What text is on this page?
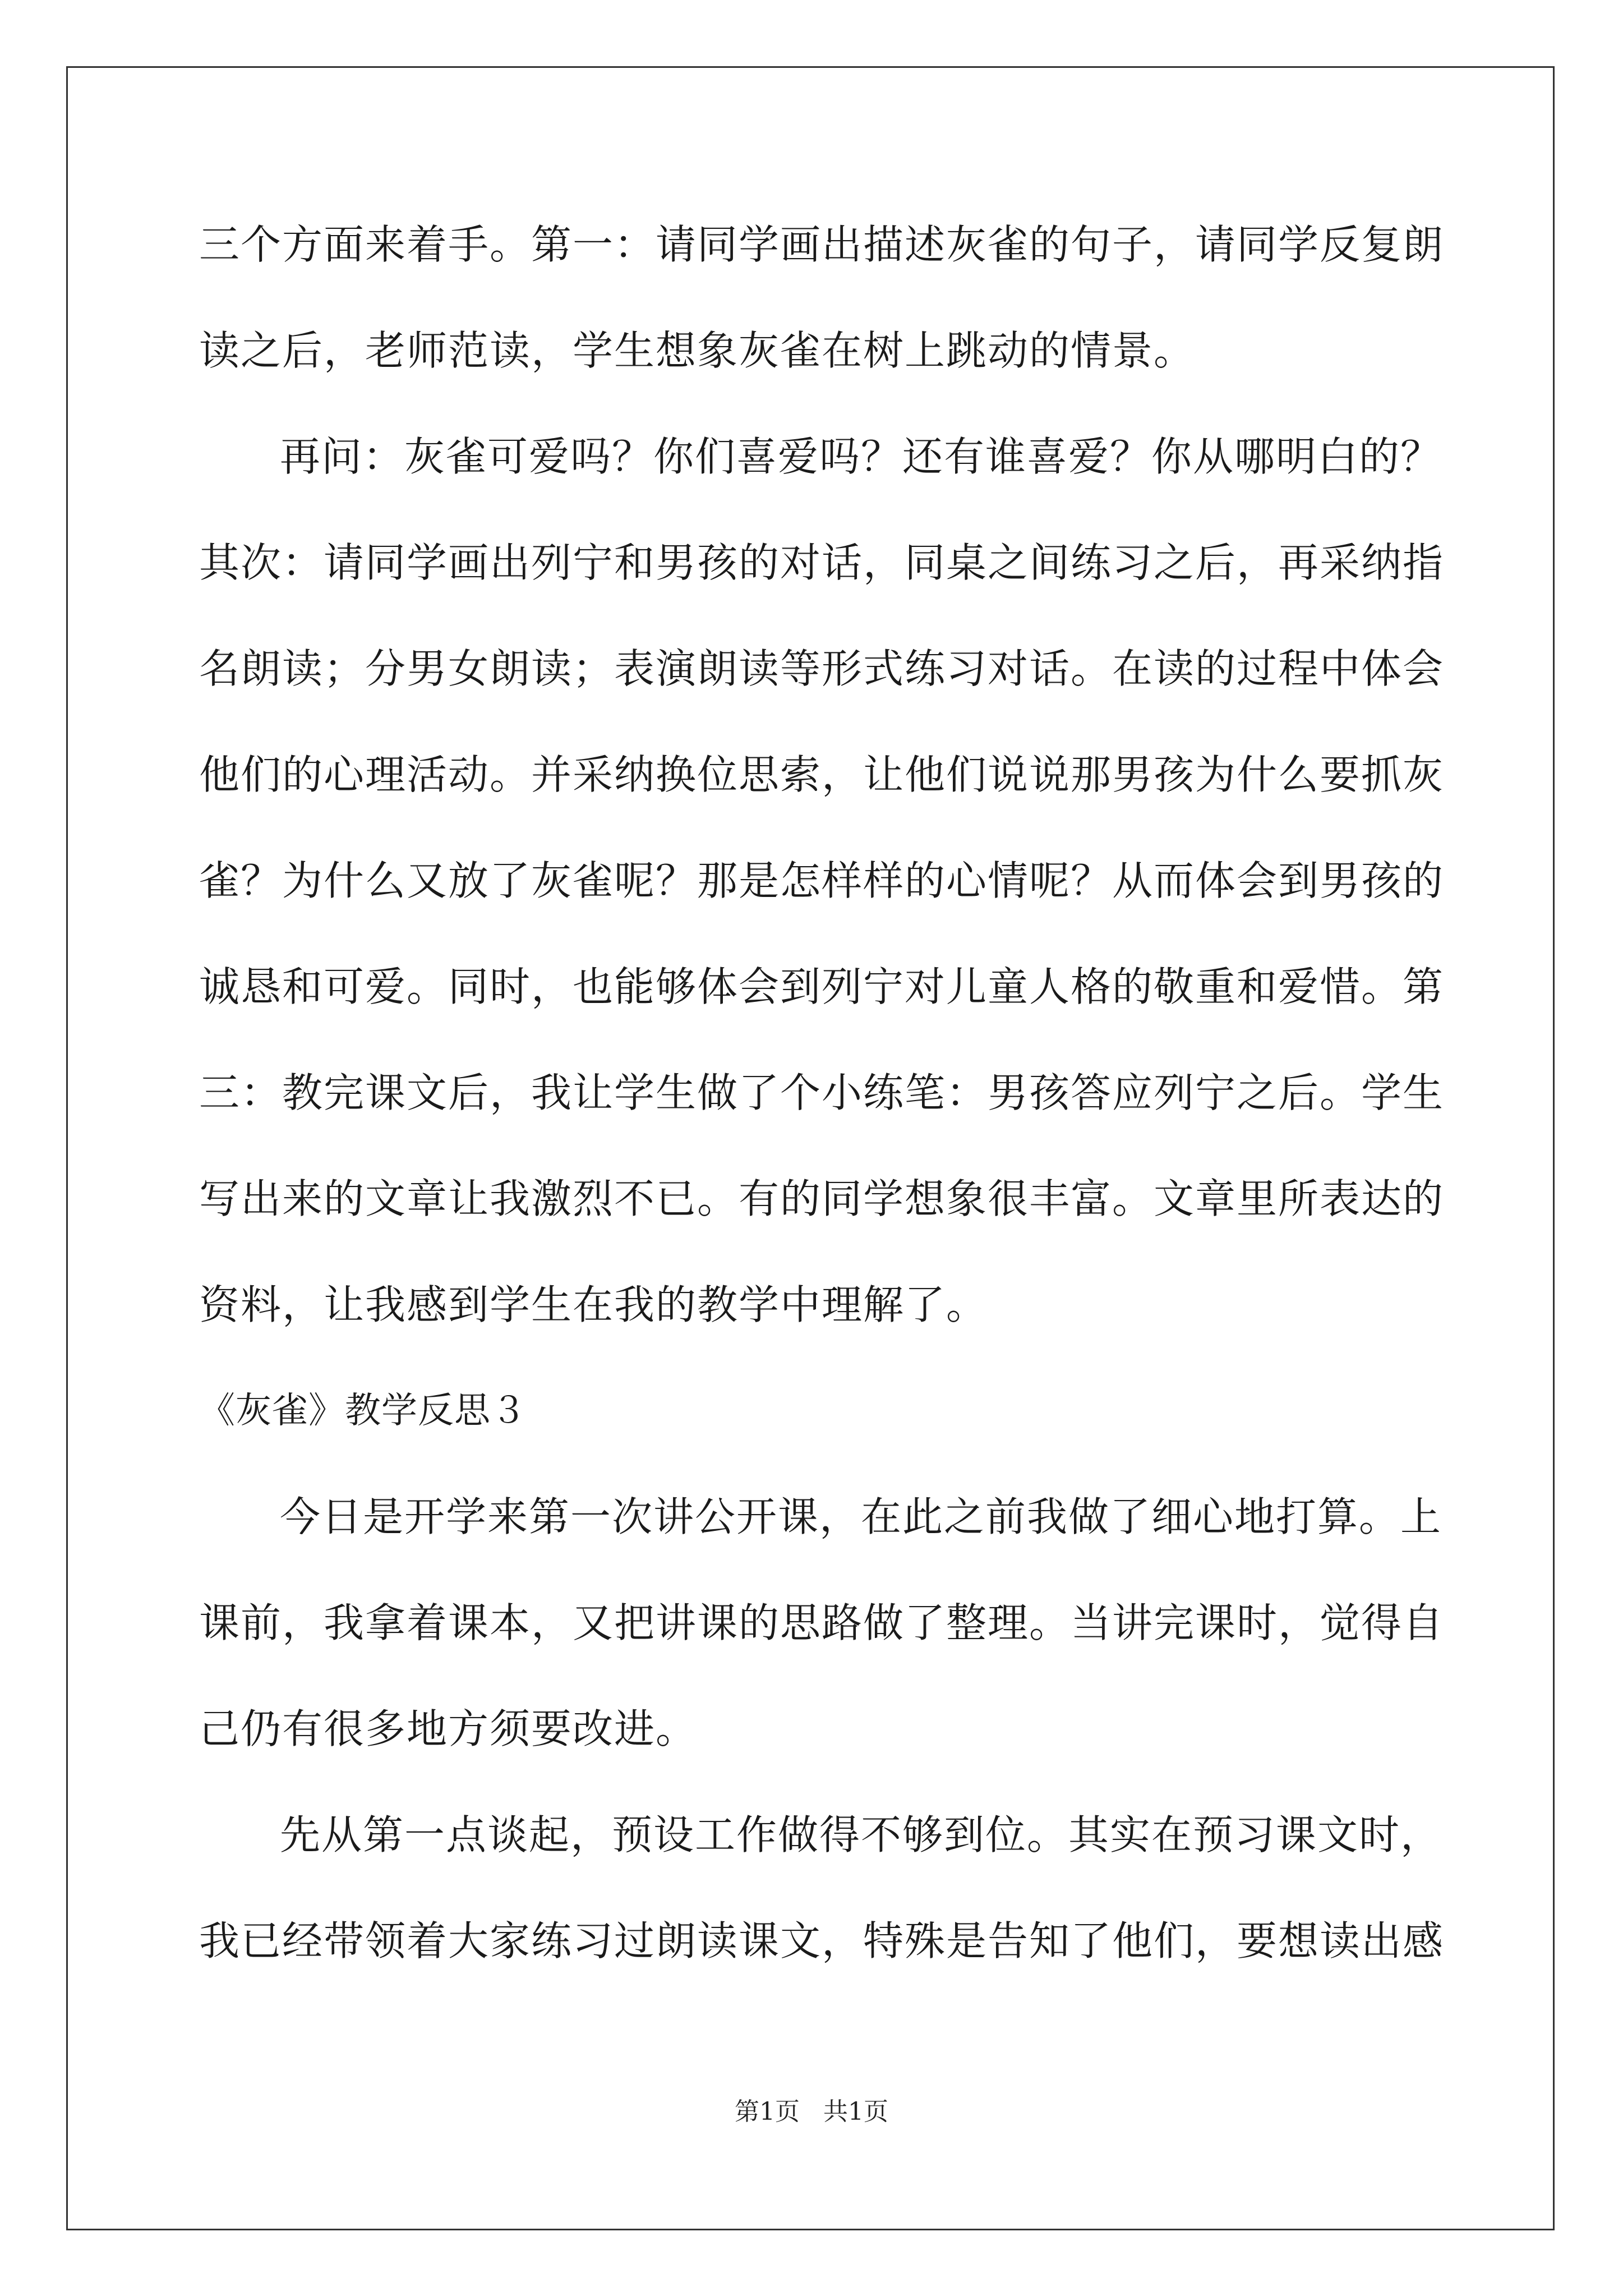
三个方面来着手。第一：请同学画出描述灰雀的句子，请同学反复朗
读之后，老师范读，学生想象灰雀在树上跳动的情景。
再问：灰雀可爱吗？你们喜爱吗？还有谁喜爱？你从哪明白的？
其次：请同学画出列宁和男孩的对话，同桌之间练习之后，再采纳指
名朗读；分男女朗读；表演朗读等形式练习对话。在读的过程中体会
他们的心理活动。并采纳换位思索，让他们说说那男孩为什么要抓灰
雀？为什么又放了灰雀呢？那是怎样样的心情呢？从而体会到男孩的
诚恳和可爱。同时，也能够体会到列宁对儿童人格的敬重和爱惜。第
三：教完课文后，我让学生做了个小练笔：男孩答应列宁之后。学生
写出来的文章让我激烈不已。有的同学想象很丰富。文章里所表达的
资料，让我感到学生在我的教学中理解了。
《灰雀》教学反思３
今日是开学来第一次讲公开课，在此之前我做了细心地打算。上
课前，我拿着课本，又把讲课的思路做了整理。当讲完课时，觉得自
己仍有很多地方须要改进。
先从第一点谈起，预设工作做得不够到位。其实在预习课文时，
我已经带领着大家练习过朗读课文，特殊是告知了他们，要想读出感
第1页 共1页
